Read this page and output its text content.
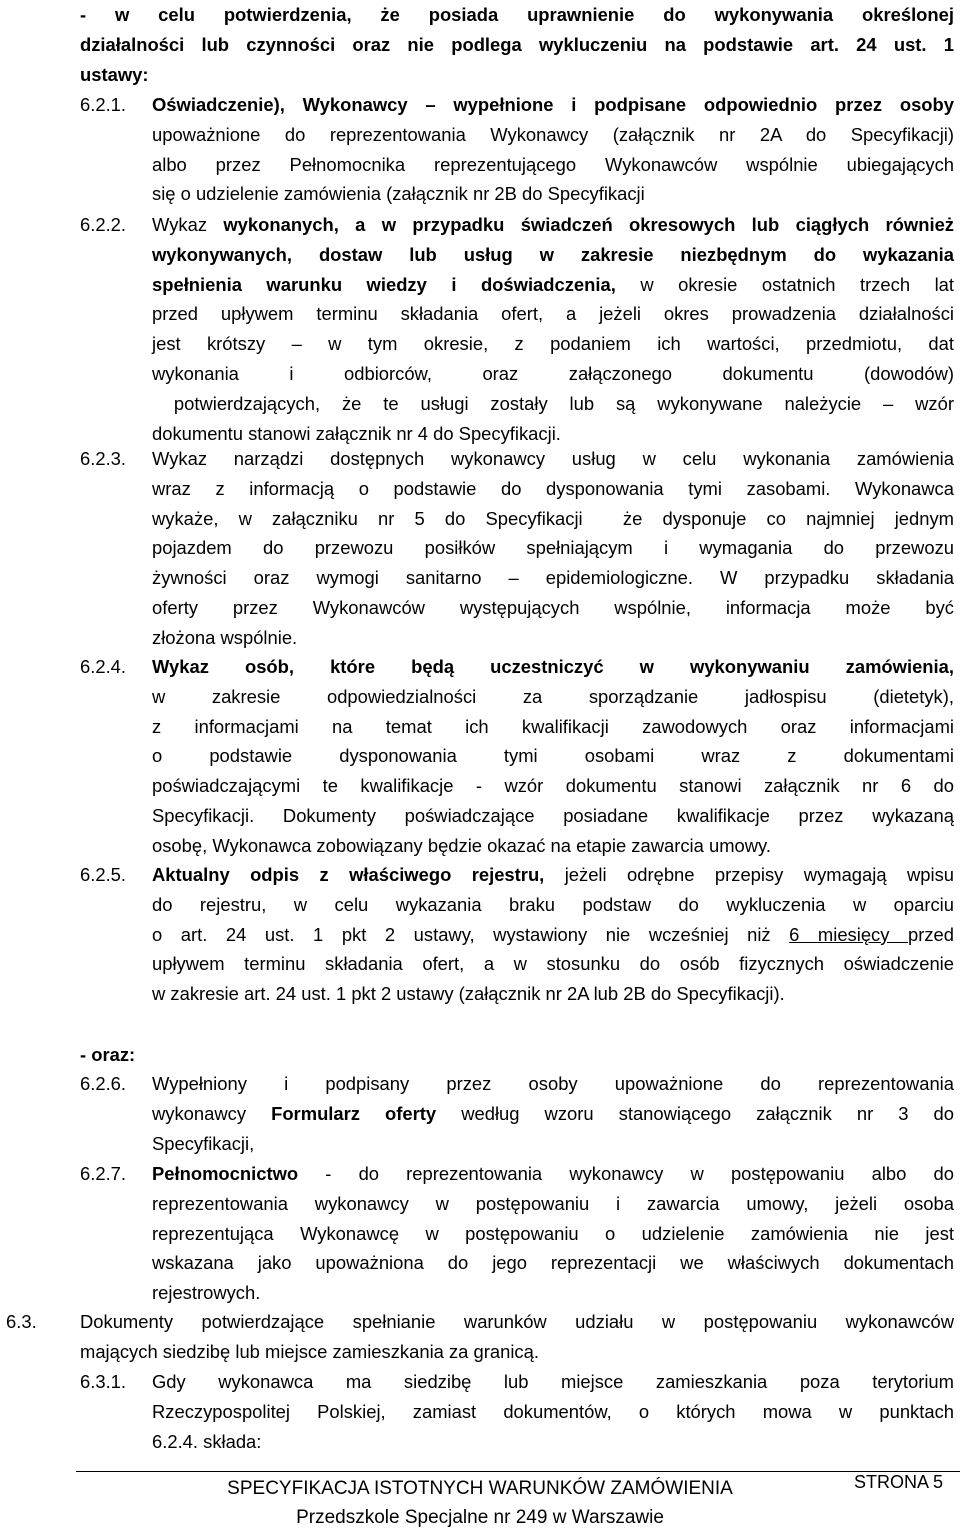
- w celu potwierdzenia, że posiada uprawnienie do wykonywania określonej
działalności lub czynności oraz nie podlega wykluczeniu na podstawie art. 24 ust. 1
ustawy:
6.2.1. Oświadczenie), Wykonawcy – wypełnione i podpisane odpowiednio przez osoby
upoważnione do reprezentowania Wykonawcy (załącznik nr 2A do Specyfikacji)
albo przez Pełnomocnika reprezentującego Wykonawców wspólnie ubiegających
się o udzielenie zamówienia (załącznik nr 2B do Specyfikacji
6.2.2. Wykaz wykonanych, a w przypadku świadczeń okresowych lub ciągłych również
wykonywanych, dostaw lub usług w zakresie niezbędnym do wykazania
spełnienia warunku wiedzy i doświadczenia, w okresie ostatnich trzech lat
przed upływem terminu składania ofert, a jeżeli okres prowadzenia działalności
jest krótszy – w tym okresie, z podaniem ich wartości, przedmiotu, dat
wykonania i odbiorców, oraz załączonego dokumentu (dowodów)
potwierdzających, że te usługi zostały lub są wykonywane należycie – wzór
dokumentu stanowi załącznik nr 4 do Specyfikacji.
6.2.3. Wykaz narządzi dostępnych wykonawcy usług w celu wykonania zamówienia
wraz z informacją o podstawie do dysponowania tymi zasobami. Wykonawca
wykaże, w załączniku nr 5 do Specyfikacji  że dysponuje co najmniej jednym
pojazdem do przewozu posiłków spełniającym i wymagania do przewozu
żywności oraz wymogi sanitarno – epidemiologiczne. W przypadku składania
oferty przez Wykonawców występujących wspólnie, informacja może być
złożona wspólnie.
6.2.4. Wykaz osób, które będą uczestniczyć w wykonywaniu zamówienia,
w zakresie odpowiedzialności za sporządzanie jadłospisu (dietetyk),
z informacjami na temat ich kwalifikacji zawodowych oraz informacjami
o podstawie dysponowania tymi osobami wraz z dokumentami
poświadczającymi te kwalifikacje - wzór dokumentu stanowi załącznik nr 6 do
Specyfikacji. Dokumenty poświadczające posiadane kwalifikacje przez wykazaną
osobę, Wykonawca zobowiązany będzie okazać na etapie zawarcia umowy.
6.2.5. Aktualny odpis z właściwego rejestru, jeżeli odrębne przepisy wymagają wpisu
do rejestru, w celu wykazania braku podstaw do wykluczenia w oparciu
o art. 24 ust. 1 pkt 2 ustawy, wystawiony nie wcześniej niż 6 miesięcy przed
upływem terminu składania ofert, a w stosunku do osób fizycznych oświadczenie
w zakresie art. 24 ust. 1 pkt 2 ustawy (załącznik nr 2A lub 2B do Specyfikacji).
- oraz:
6.2.6. Wypełniony i podpisany przez osoby upoważnione do reprezentowania
wykonawcy Formularz oferty według wzoru stanowiącego załącznik nr 3 do
Specyfikacji,
6.2.7. Pełnomocnictwo - do reprezentowania wykonawcy w postępowaniu albo do
reprezentowania wykonawcy w postępowaniu i zawarcia umowy, jeżeli osoba
reprezentująca Wykonawcę w postępowaniu o udzielenie zamówienia nie jest
wskazana jako upoważniona do jego reprezentacji we właściwych dokumentach
rejestrowych.
6.3. Dokumenty potwierdzające spełnianie warunków udziału w postępowaniu wykonawców
mających siedzibę lub miejsce zamieszkania za granicą.
6.3.1. Gdy wykonawca ma siedzibę lub miejsce zamieszkania poza terytorium
Rzeczypospolitej Polskiej, zamiast dokumentów, o których mowa w punktach
6.2.4. składa:
STRONA 5
SPECYFIKACJA ISTOTNYCH WARUNKÓW ZAMÓWIENIA
Przedszkole Specjalne nr 249 w Warszawie
